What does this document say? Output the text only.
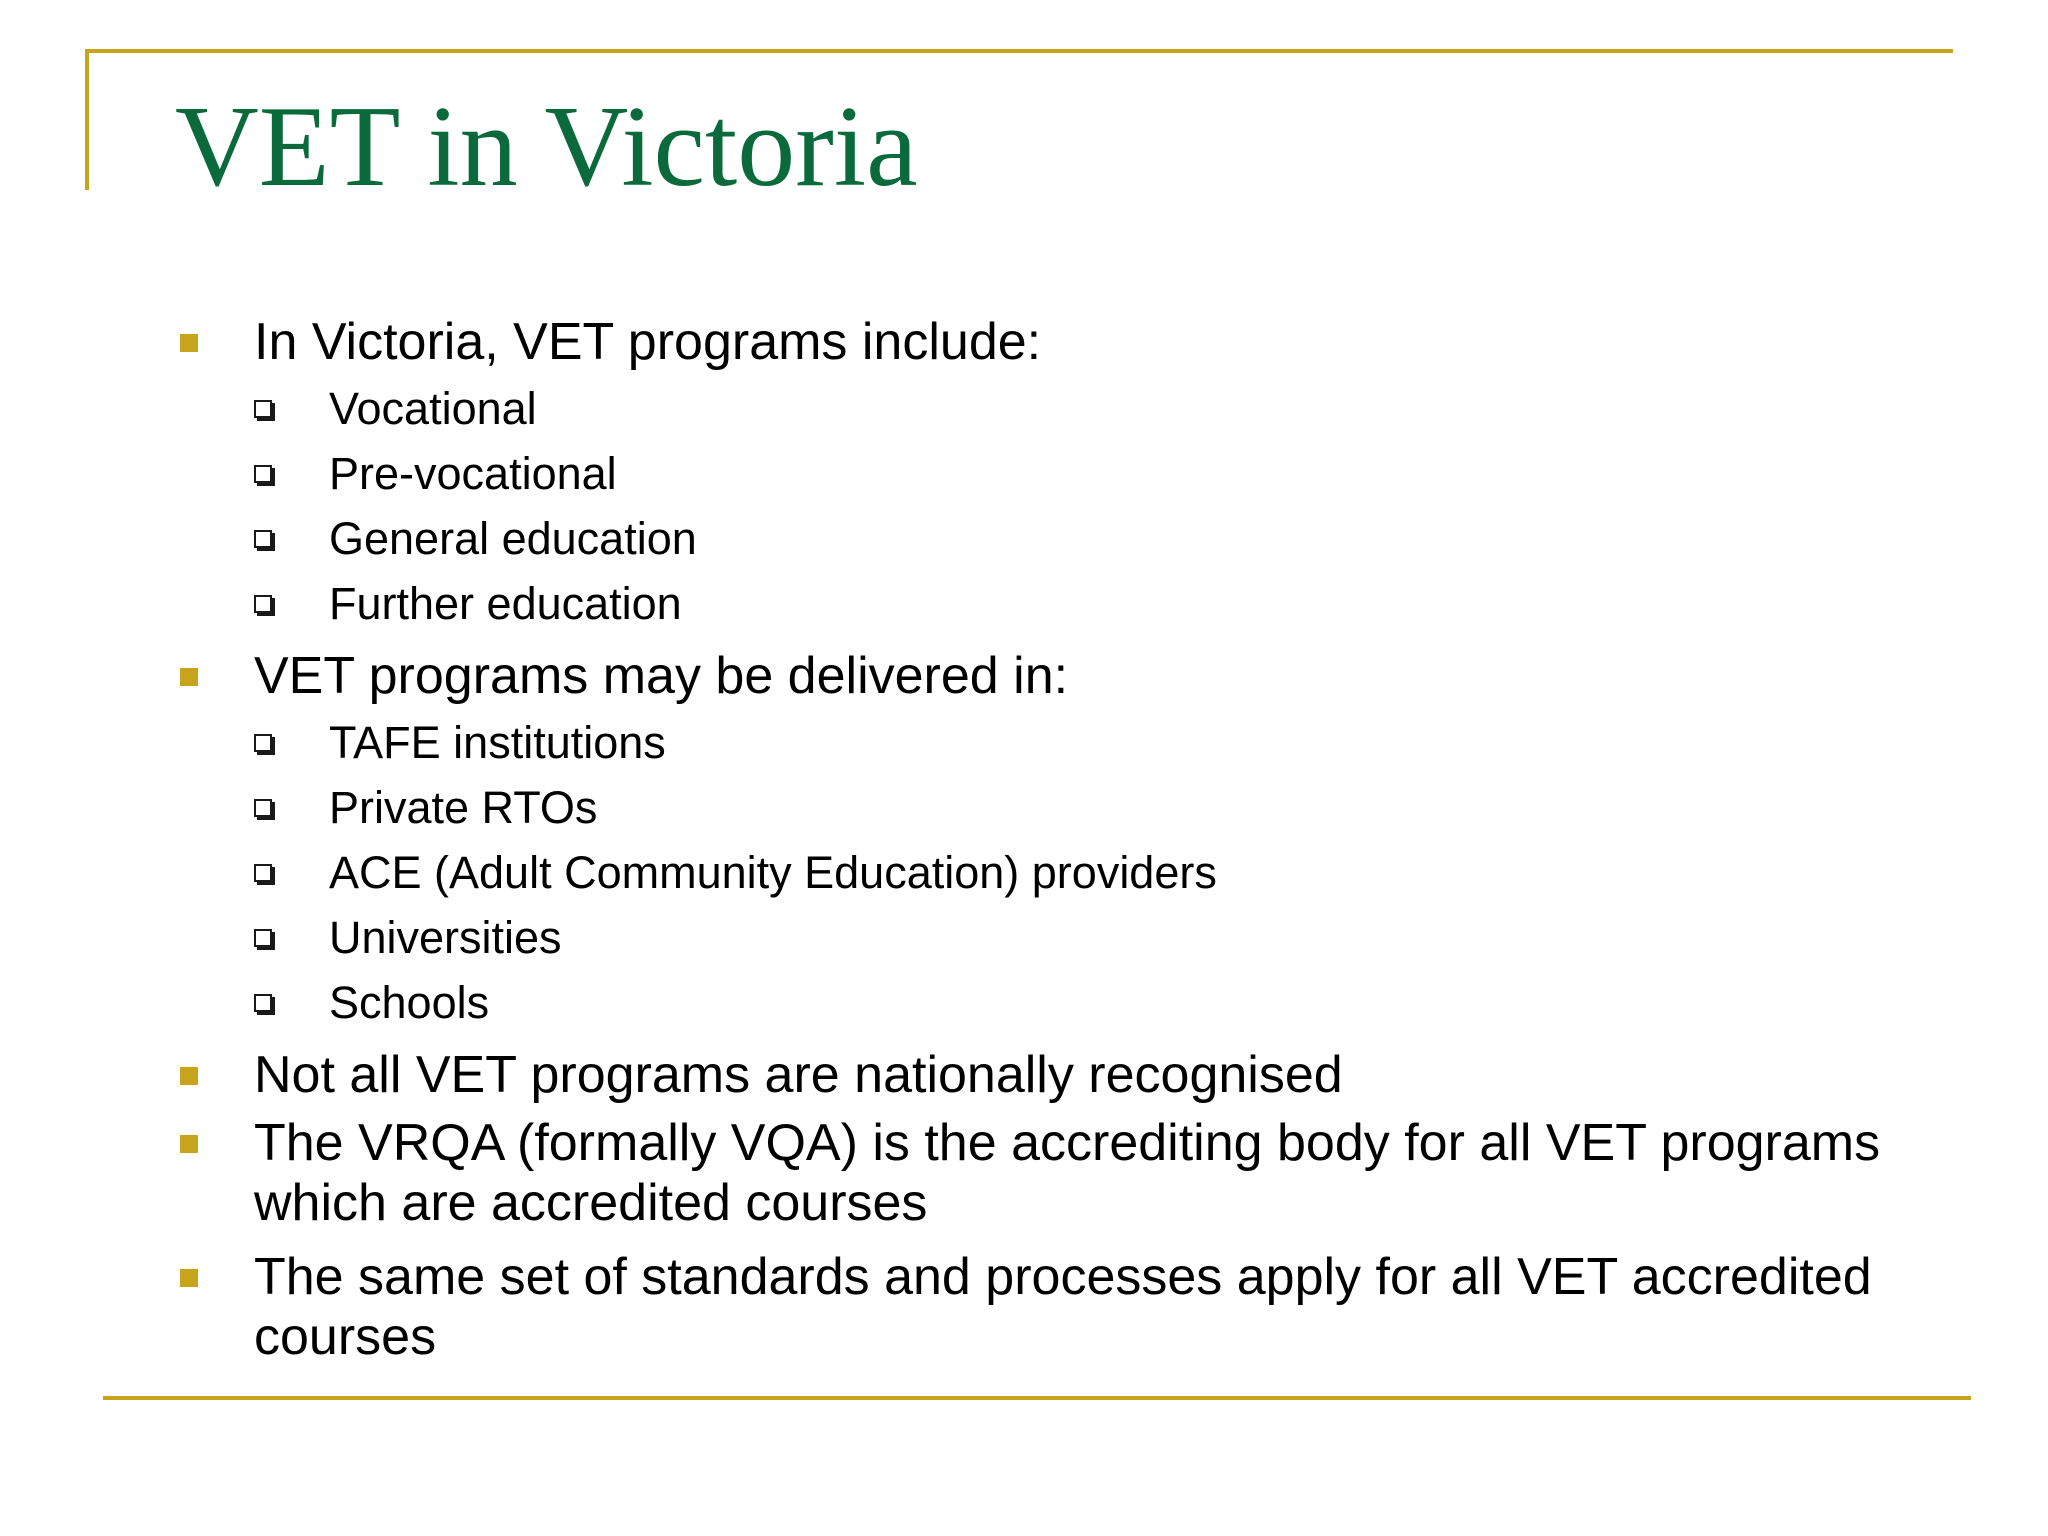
VET in Victoria
In Victoria, VET programs include:
Vocational
Pre-vocational
General education
Further education
VET programs may be delivered in:
TAFE institutions
Private RTOs
ACE (Adult Community Education) providers
Universities
Schools
Not all VET programs are nationally recognised
The VRQA (formally VQA) is the accrediting body for all VET programs which are accredited courses
The same set of standards and processes apply for all VET accredited courses
